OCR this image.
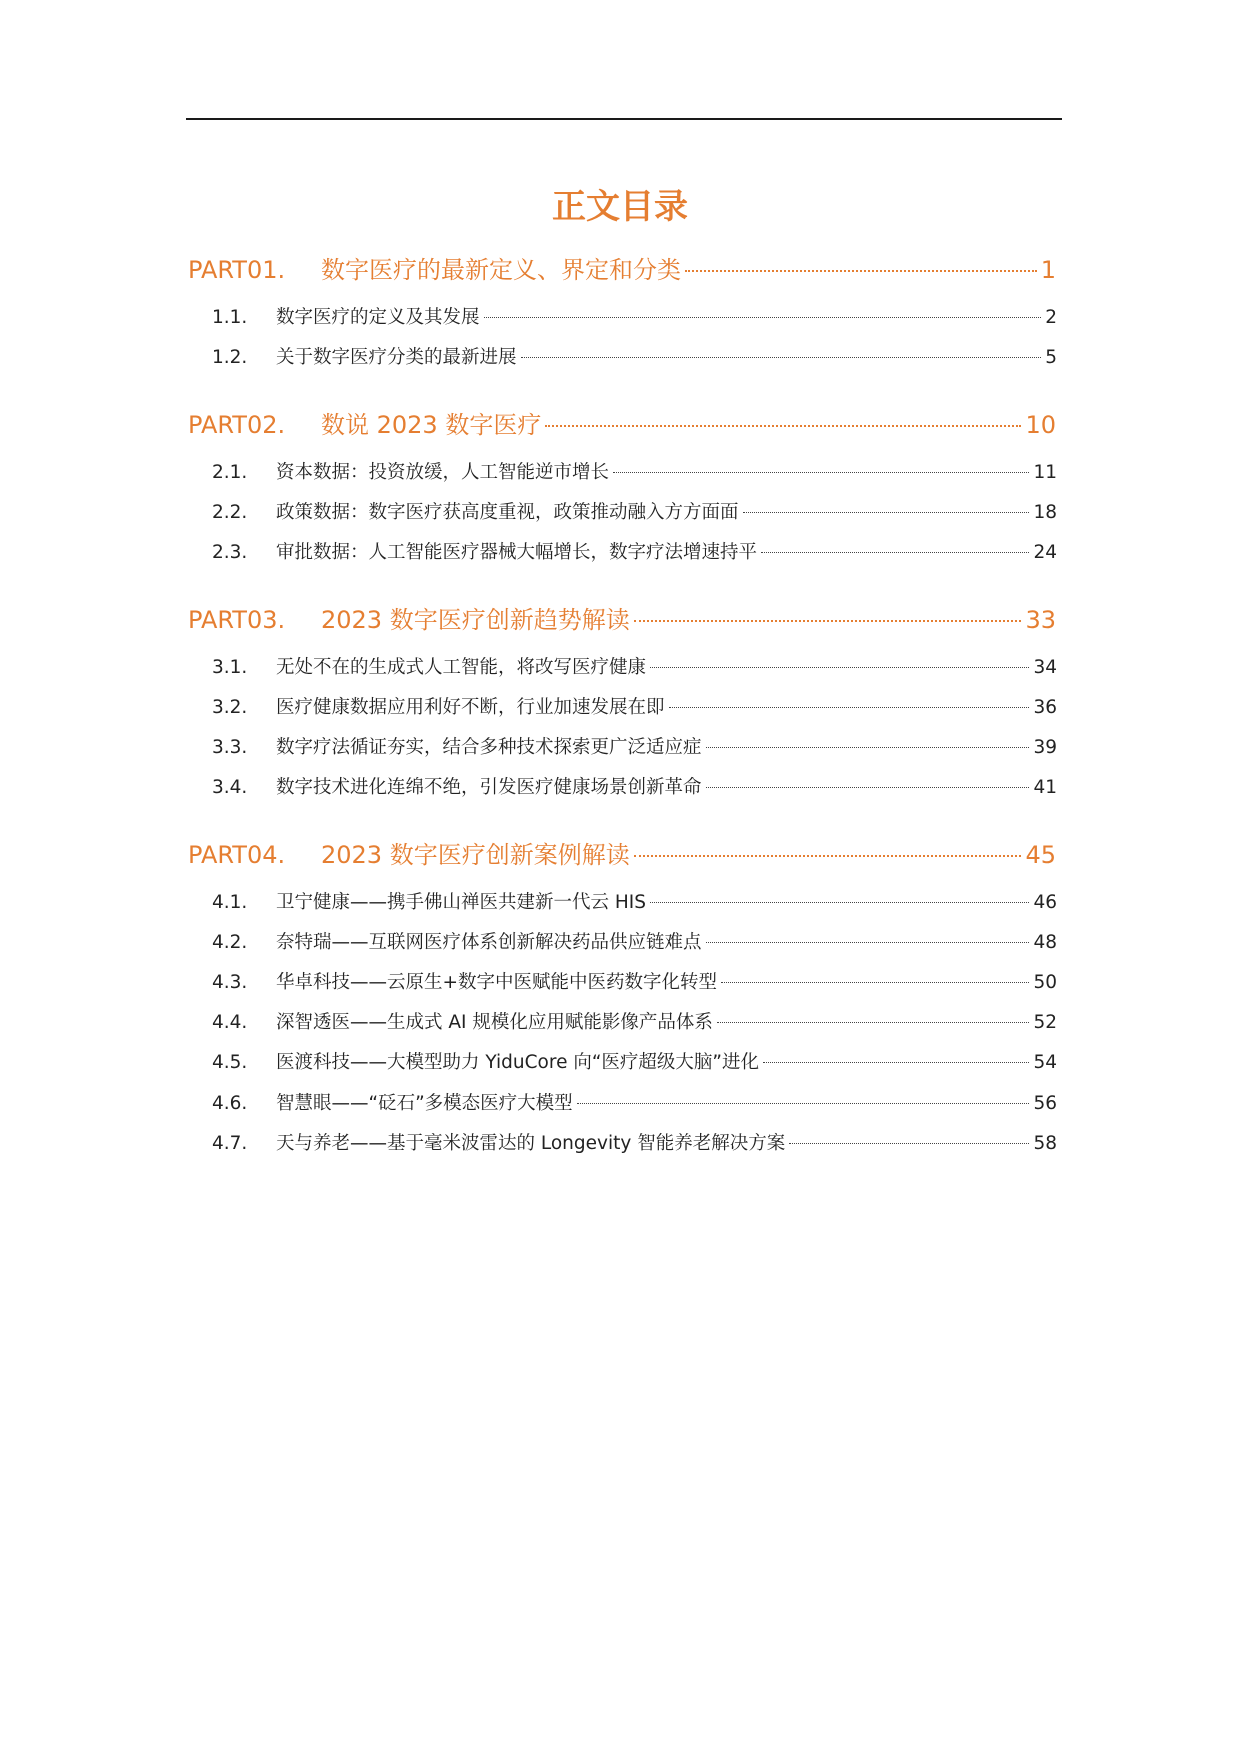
正文目录
PART01.	数字医疗的最新定义、界定和分类	1
1.1.	数字医疗的定义及其发展	2
1.2.	关于数字医疗分类的最新进展	5
PART02.	数说 2023 数字医疗	10
2.1.	资本数据：投资放缓，人工智能逆市增长	11
2.2.	政策数据：数字医疗获高度重视，政策推动融入方方面面	18
2.3.	审批数据：人工智能医疗器械大幅增长，数字疗法增速持平	24
PART03.	2023 数字医疗创新趋势解读	33
3.1.	无处不在的生成式人工智能，将改写医疗健康	34
3.2.	医疗健康数据应用利好不断，行业加速发展在即	36
3.3.	数字疗法循证夯实，结合多种技术探索更广泛适应症	39
3.4.	数字技术进化连绵不绝，引发医疗健康场景创新革命	41
PART04.	2023 数字医疗创新案例解读	45
4.1.	卫宁健康——携手佛山禅医共建新一代云 HIS	46
4.2.	奈特瑞——互联网医疗体系创新解决药品供应链难点	48
4.3.	华卓科技——云原生+数字中医赋能中医药数字化转型	50
4.4.	深智透医——生成式 AI 规模化应用赋能影像产品体系	52
4.5.	医渡科技——大模型助力 YiduCore 向“医疗超级大脑”进化	54
4.6.	智慧眼——“砭石”多模态医疗大模型	56
4.7.	天与养老——基于毫米波雷达的 Longevity 智能养老解决方案	58
